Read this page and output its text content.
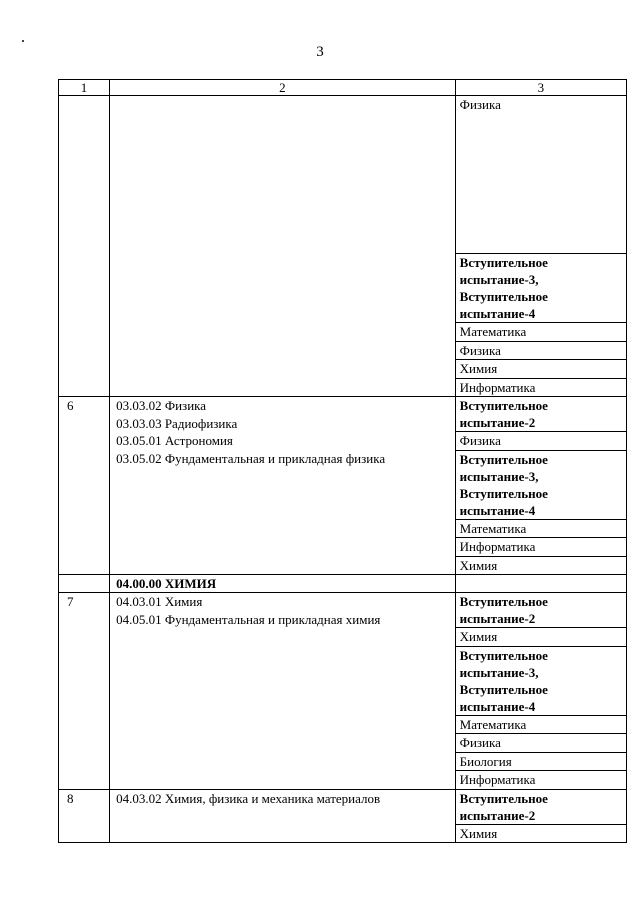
3
1	2	3
		Физика
		Вступительное испытание-3, Вступительное испытание-4
		Математика
		Физика
		Химия
		Информатика
6	03.03.02 Физика
03.03.03 Радиофизика
03.05.01 Астрономия
03.05.02 Фундаментальная и прикладная физика	Вступительное испытание-2
		Физика
		Вступительное испытание-3, Вступительное испытание-4
		Математика
		Информатика
		Химия
	04.00.00 ХИМИЯ	
7	04.03.01 Химия
04.05.01 Фундаментальная и прикладная химия	Вступительное испытание-2
		Химия
		Вступительное испытание-3, Вступительное испытание-4
		Математика
		Физика
		Биология
		Информатика
8	04.03.02 Химия, физика и механика материалов	Вступительное испытание-2
		Химия
